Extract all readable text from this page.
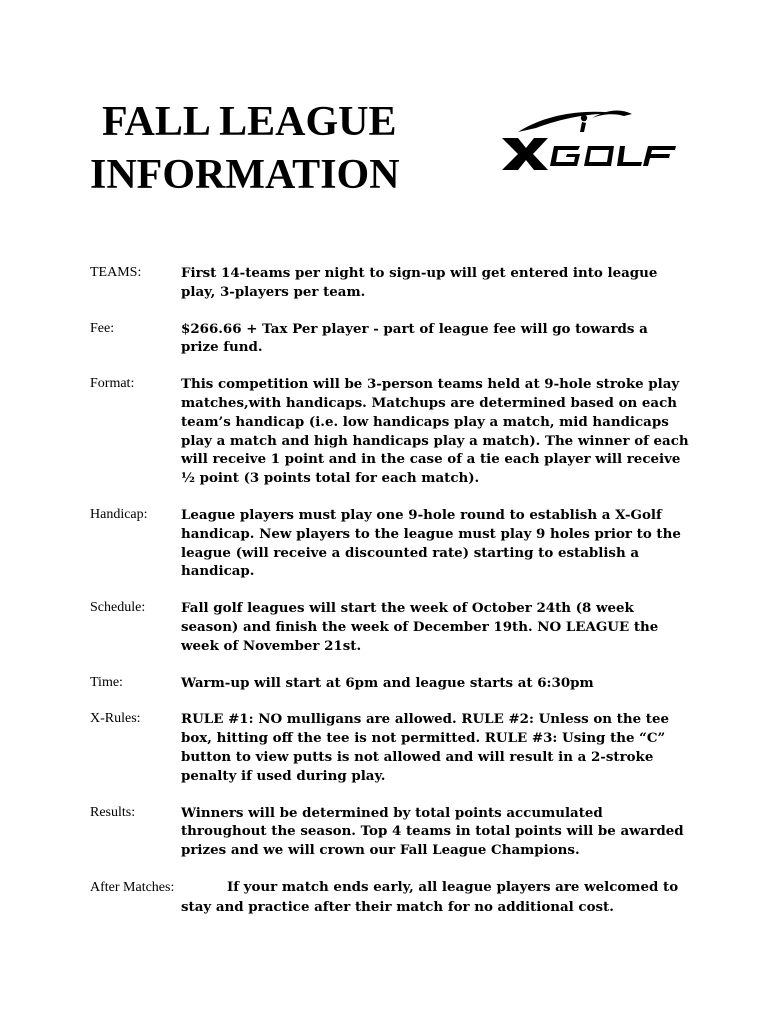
FALL LEAGUE
INFORMATION

TEAMS:	First 14-teams per night to sign-up will get entered into league play, 3-players per team.

Fee:	$266.66 + Tax Per player - part of league fee will go towards a prize fund.

Format:	This competition will be 3-person teams held at 9-hole stroke play matches,with handicaps. Matchups are determined based on each team’s handicap (i.e. low handicaps play a match, mid handicaps play a match and high handicaps play a match). The winner of each will receive 1 point and in the case of a tie each player will receive ½ point (3 points total for each match).

Handicap: League players must play one 9-hole round to establish a X-Golf handicap. New players to the league must play 9 holes prior to the league (will receive a discounted rate) starting to establish a handicap.

Schedule:	Fall golf leagues will start the week of October 24th (8 week season) and finish the week of December 19th. NO LEAGUE the week of November 21st.

Time:	Warm-up will start at 6pm and league starts at 6:30pm

X-Rules:	RULE #1: NO mulligans are allowed. RULE #2: Unless on the tee box, hitting off the tee is not permitted. RULE #3: Using the “C” button to view putts is not allowed and will result in a 2-stroke penalty if used during play.

Results:	Winners will be determined by total points accumulated throughout the season. Top 4 teams in total points will be awarded prizes and we will crown our Fall League Champions.

After Matches:	If your match ends early, all league players are welcomed to stay and practice after their match for no additional cost.
